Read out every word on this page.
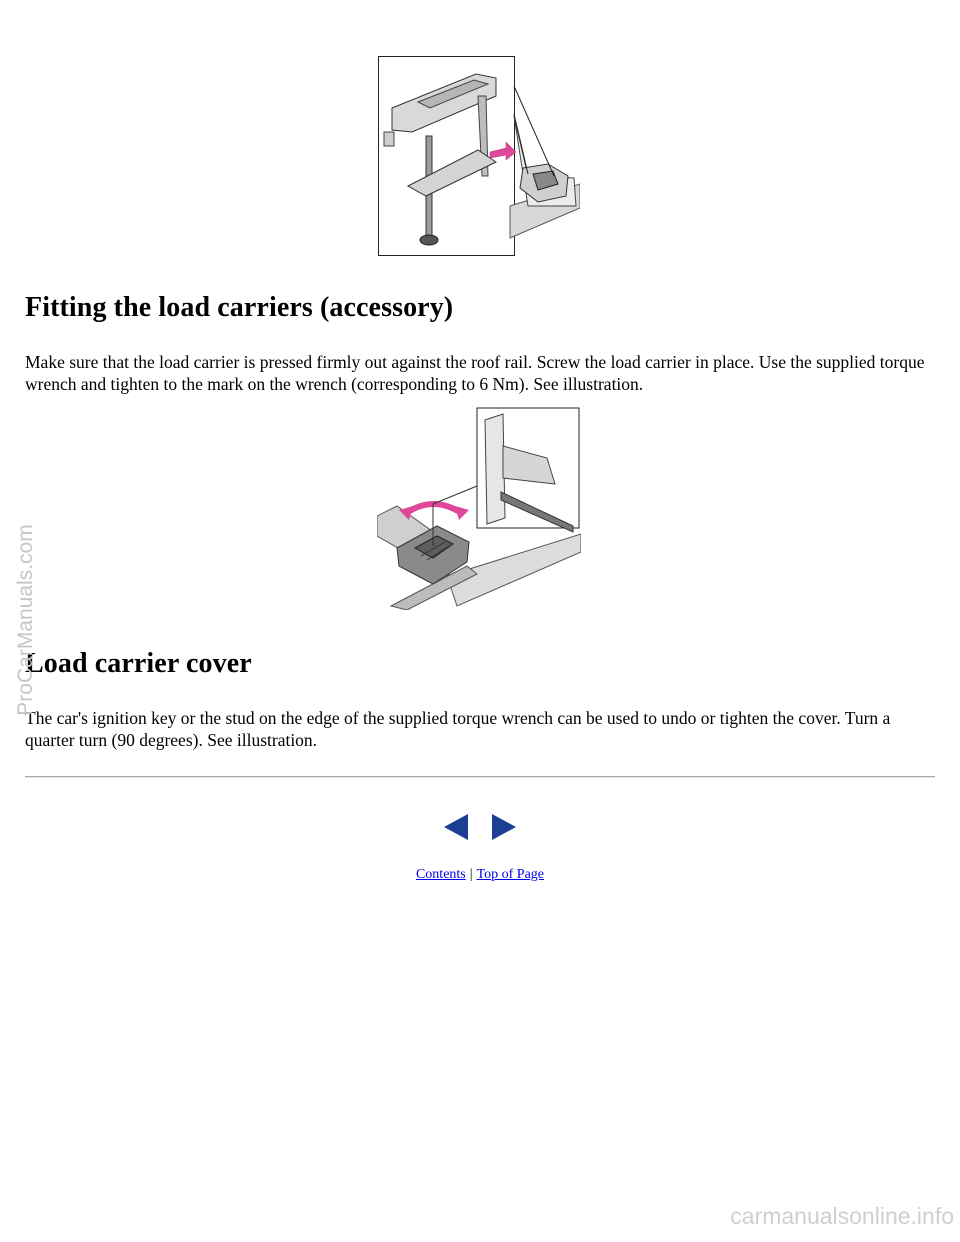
·
·
Fitting the load carriers (accessory)

Make sure that the load carrier is pressed firmly out against the roof rail. Screw the load carrier in place. Use the supplied torque wrench and tighten to the mark on the wrench (corresponding to 6 Nm). See illustration.

Load carrier cover

The car's ignition key or the stud on the edge of the supplied torque wrench can be used to undo or tighten the cover. Turn a quarter turn (90 degrees). See illustration.

Contents | Top of Page
ProCarManuals.com
carmanualsonline.info
